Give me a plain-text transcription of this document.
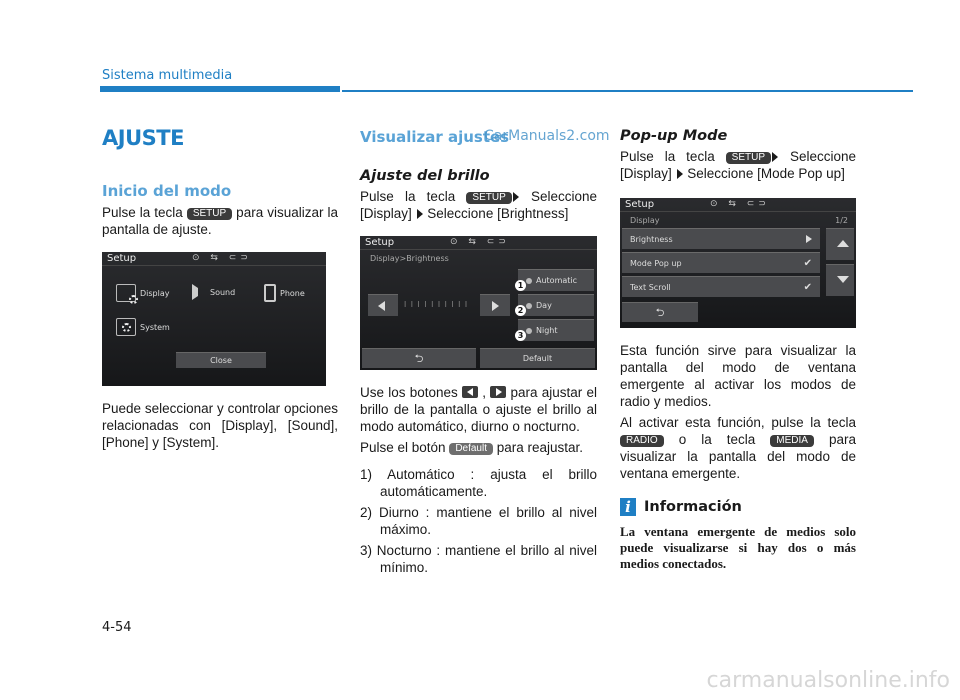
Sistema multimedia
AJUSTE
Inicio del modo

Pulse la tecla SETUP para visualizar la pantalla de ajuste.

Setup	⊙ ⇆ ⊂⊃
Display	Sound	Phone
System
Close

Puede seleccionar y controlar opciones relacionadas con [Display], [Sound], [Phone] y [System].

Visualizar ajustes
Ajuste del brillo

Pulse la tecla SETUP Seleccione [Display]  Seleccione [Brightness]

Setup	⊙ ⇆ ⊂⊃
Display>Brightness
l l l l l l l l l l
Automatic
Day
Night
1
2
3
⮌	Default

Use los botones
,
para ajustar el brillo de la pantalla o ajuste el brillo al modo automático, diurno o nocturno.

Pulse el botón Default para reajustar.

1) Automático : ajusta el brillo automáticamente.
2) Diurno : mantiene el brillo al nivel máximo.
3) Nocturno : mantiene el brillo al nivel mínimo.
CarManuals2.com Pop-up Mode

Pulse la tecla SETUP Seleccione [Display]  Seleccione [Mode Pop up]

Setup	⊙ ⇆ ⊂⊃
Display	1/2
Brightness
Mode Pop up	✔
Text Scroll	✔
⮌

Esta función sirve para visualizar la pantalla del modo de ventana emergente al activar los modos de radio y medios.

Al activar esta función, pulse la tecla RADIO o la tecla MEDIA para visualizar la pantalla del modo de ventana emergente.

i Información

La ventana emergente de medios solo puede visualizarse si hay dos o más medios conectados.

4-54
carmanualsonline.info
